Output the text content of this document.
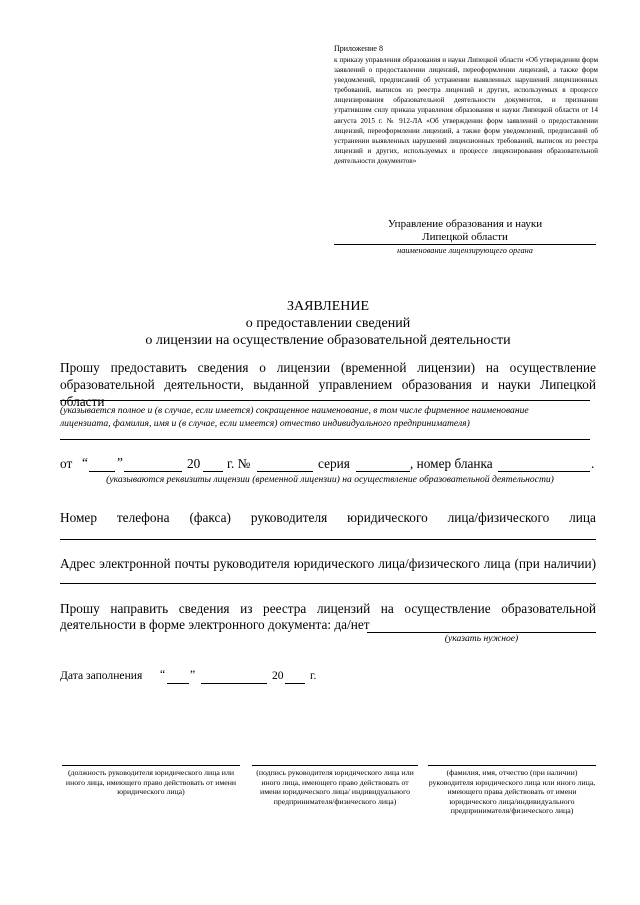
Приложение 8
к приказу управления образования и науки Липецкой области «Об утверждении форм заявлений о предоставлении лицензий, переоформлении лицензий, а также форм уведомлений, предписаний об устранении выявленных нарушений лицензионных требований, выписок из реестра лицензий и других, используемых в процессе лицензирования образовательной деятельности документов, и признании утратившим силу приказа управления образования и науки Липецкой области от 14 августа 2015 г. № 912-ЛА «Об утверждении форм заявлений о предоставлении лицензий, переоформлении лицензий, а также форм уведомлений, предписаний об устранении выявленных нарушений лицензионных требований, выписок из реестра лицензий и других, используемых в процессе лицензирования образовательной деятельности документов»
Управление образования и науки
Липецкой области
наименование лицензирующего органа
ЗАЯВЛЕНИЕ
о предоставлении сведений
о лицензии на осуществление образовательной деятельности
Прошу предоставить сведения о лицензии (временной лицензии) на осуществление
образовательной деятельности, выданной управлением образования и науки Липецкой области
(указывается полное и (в случае, если имеется) сокращенное наименование, в том числе фирменное наименование
лицензиата, фамилия, имя и (в случае, если имеется) отчество индивидуального предпринимателя)
от “ ”	20 г. №	серия	, номер бланка	.
(указываются реквизиты лицензии (временной лицензии) на осуществление образовательной деятельности)
Номер телефона (факса) руководителя юридического лица/физического лица
Адрес электронной почты руководителя юридического лица/физического лица (при наличии)
Прошу направить сведения из реестра лицензий на осуществление образовательной
деятельности в форме электронного документа: да/нет
(указать нужное)
Дата заполнения “ ”	20 г.
(должность руководителя юридического лица или иного лица, имеющего право действовать от имени юридического лица)
(подпись руководителя юридического лица или иного лица, имеющего право действовать от имени юридического лица/ индивидуального предпринимателя/физического лица)
(фамилия, имя, отчество (при наличии) руководителя юридического лица или иного лица, имеющего права действовать от имени юридического лица/индивидуального предпринимателя/физического лица)
